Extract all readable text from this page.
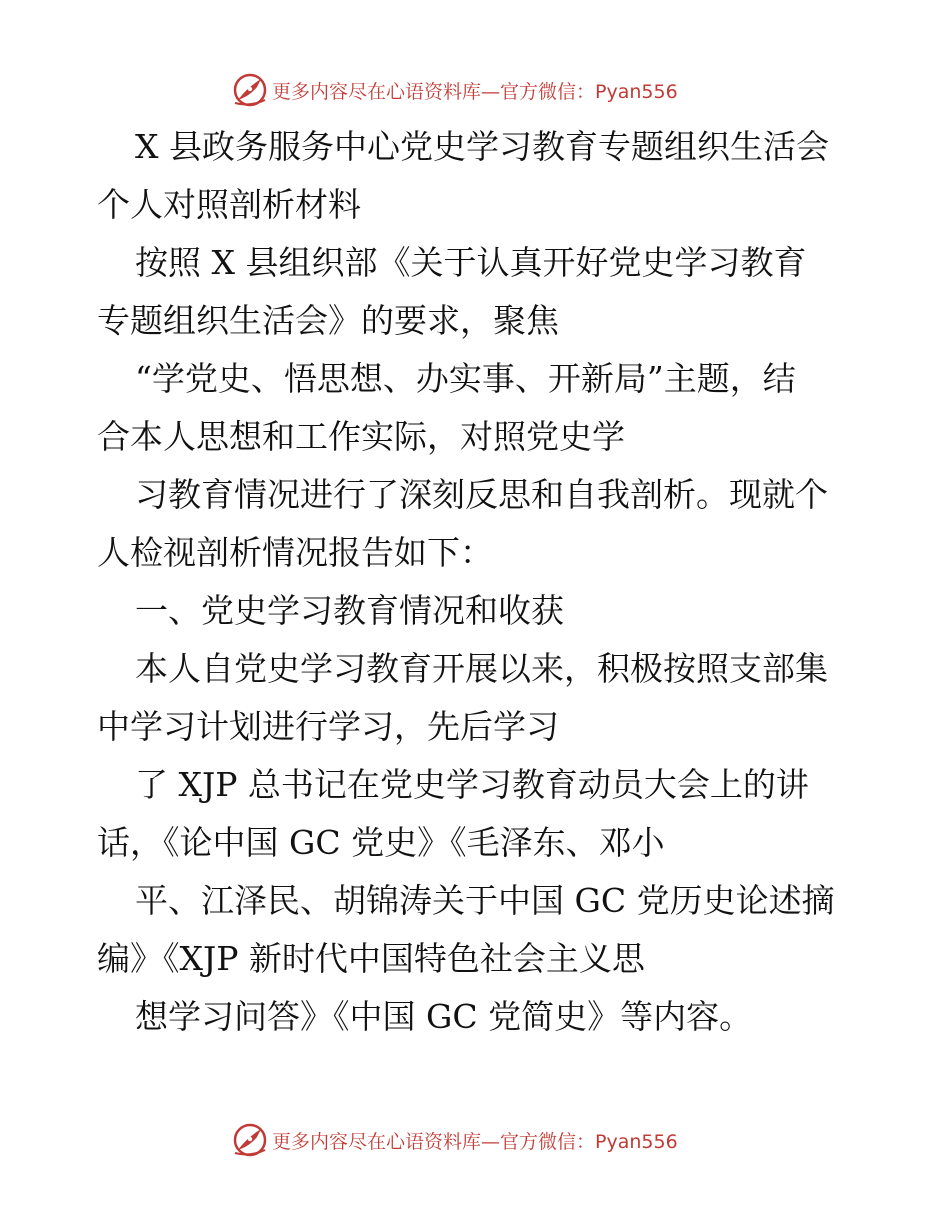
更多内容尽在心语资料库—官方微信：Pyan556
X 县政务服务中心党史学习教育专题组织生活会
个人对照剖析材料
按照 X 县组织部《关于认真开好党史学习教育
专题组织生活会》的要求，聚焦
“学党史、悟思想、办实事、开新局”主题，结
合本人思想和工作实际，对照党史学
习教育情况进行了深刻反思和自我剖析。现就个
人检视剖析情况报告如下：
一、党史学习教育情况和收获
本人自党史学习教育开展以来，积极按照支部集
中学习计划进行学习，先后学习
了 XJP 总书记在党史学习教育动员大会上的讲
话，《论中国 GC 党史》《毛泽东、邓小
平、江泽民、胡锦涛关于中国 GC 党历史论述摘
编》《XJP 新时代中国特色社会主义思
想学习问答》《中国 GC 党简史》等内容。
更多内容尽在心语资料库—官方微信：Pyan556
